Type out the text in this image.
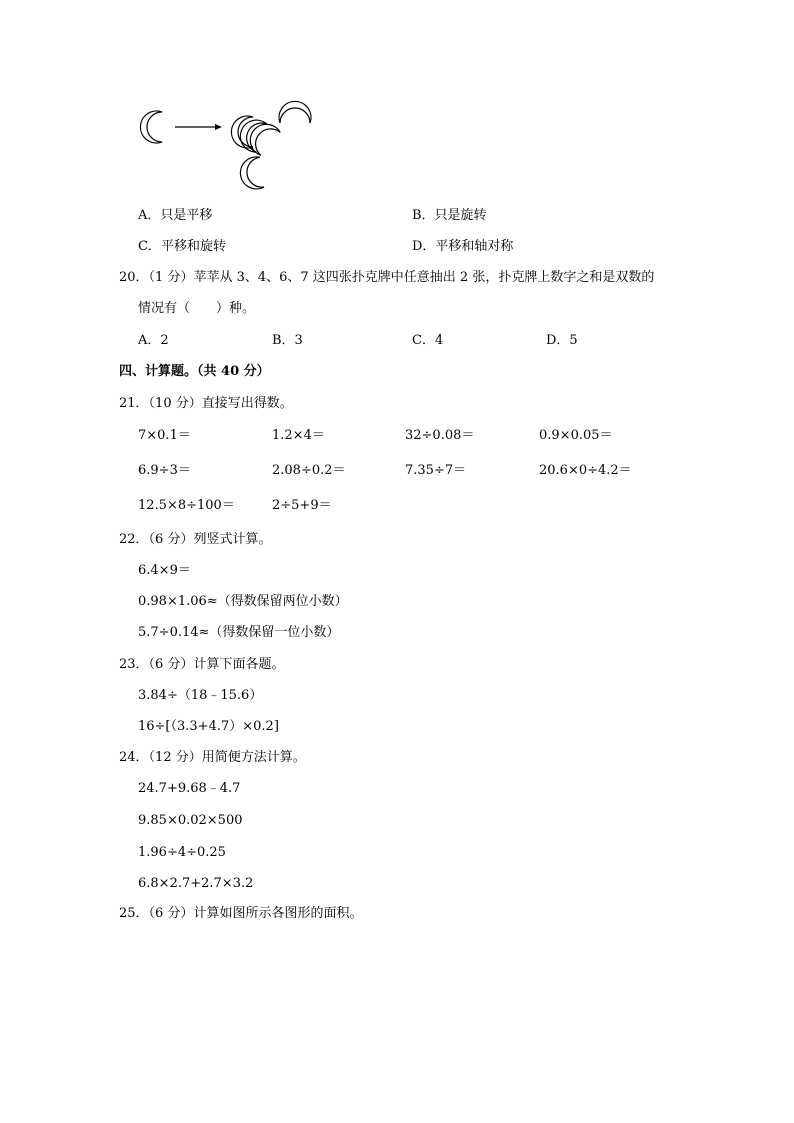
A．只是平移	B．只是旋转
C．平移和旋转	D．平移和轴对称
20．（1 分）苹苹从 3、4、6、7 这四张扑克牌中任意抽出 2 张，扑克牌上数字之和是双数的
情况有（　　）种。
A．2	B．3	C．4	D．5
四、计算题。（共 40 分）
21．（10 分）直接写出得数。
7×0.1＝	1.2×4＝	32÷0.08＝	0.9×0.05＝
6.9÷3＝	2.08÷0.2＝	7.35÷7＝	20.6×0÷4.2＝
12.5×8÷100＝	2÷5+9＝
22．（6 分）列竖式计算。
6.4×9＝
0.98×1.06≈（得数保留两位小数）
5.7÷0.14≈（得数保留一位小数）
23．（6 分）计算下面各题。
3.84÷（18﹣15.6）
16÷[（3.3+4.7）×0.2]
24．（12 分）用简便方法计算。
24.7+9.68﹣4.7
9.85×0.02×500
1.96÷4÷0.25
6.8×2.7+2.7×3.2
25．（6 分）计算如图所示各图形的面积。
